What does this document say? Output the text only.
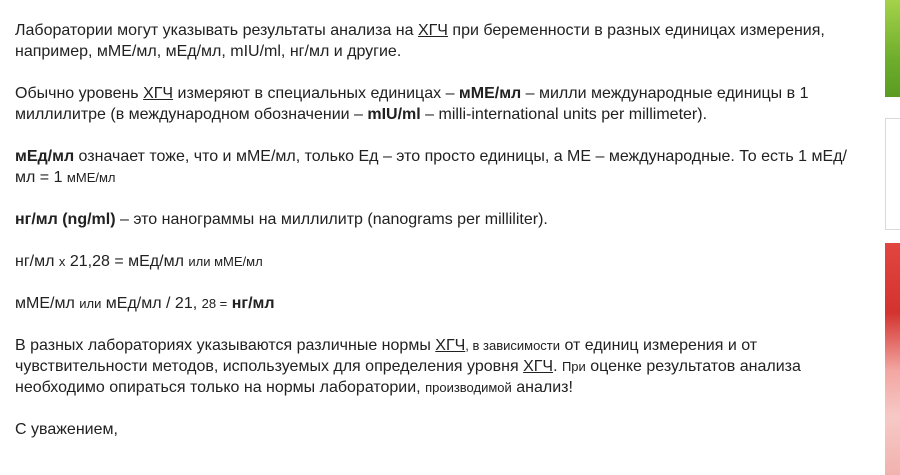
Лаборатории могут указывать результаты анализа на ХГЧ при беременности в разных единицах измерения, например, мМЕ/мл, мЕд/мл, mIU/ml, нг/мл и другие.

Обычно уровень ХГЧ измеряют в специальных единицах – мМЕ/мл – милли международные единицы в 1 миллилитре (в международном обозначении – mIU/ml – milli-international units per millimeter).

мЕд/мл означает тоже, что и мМЕ/мл, только Ед – это просто единицы, а МЕ – международные. То есть 1 мЕд/мл = 1 мМЕ/мл

нг/мл (ng/ml) – это нанограммы на миллилитр (nanograms per milliliter).

нг/мл х 21,28 = мЕд/мл или мМЕ/мл

мМЕ/мл или мЕд/мл / 21, 28 = нг/мл

В разных лабораториях указываются различные нормы ХГЧ, в зависимости от единиц измерения и от чувствительности методов, используемых для определения уровня ХГЧ. При оценке результатов анализа необходимо опираться только на нормы лаборатории, производимой анализ!

С уважением,
